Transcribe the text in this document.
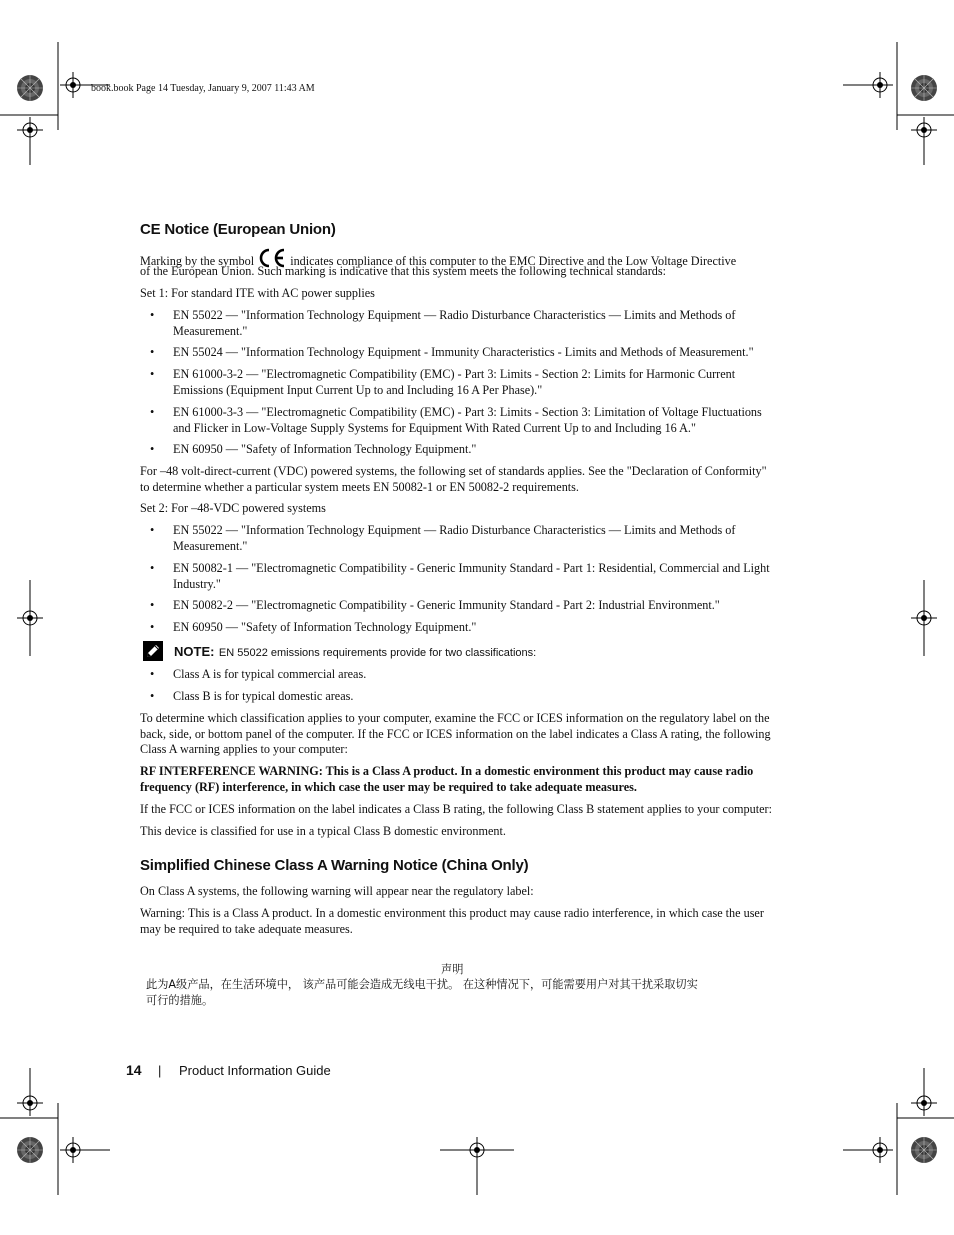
book.book Page 14 Tuesday, January 9, 2007 11:43 AM
CE Notice (European Union)
Marking by the symbol	indicates compliance of this computer to the EMC Directive and the Low Voltage Directive
of the European Union. Such marking is indicative that this system meets the following technical standards:
Set 1: For standard ITE with AC power supplies
• EN 55022 — "Information Technology Equipment — Radio Disturbance Characteristics — Limits and Methods of
Measurement."
• EN 55024 — "Information Technology Equipment - Immunity Characteristics - Limits and Methods of Measurement."
• EN 61000-3-2 — "Electromagnetic Compatibility (EMC) - Part 3: Limits - Section 2: Limits for Harmonic Current
Emissions (Equipment Input Current Up to and Including 16 A Per Phase)."
• EN 61000-3-3 — "Electromagnetic Compatibility (EMC) - Part 3: Limits - Section 3: Limitation of Voltage Fluctuations
and Flicker in Low-Voltage Supply Systems for Equipment With Rated Current Up to and Including 16 A."
• EN 60950 — "Safety of Information Technology Equipment."
For –48 volt-direct-current (VDC) powered systems, the following set of standards applies. See the "Declaration of Conformity"
to determine whether a particular system meets EN 50082-1 or EN 50082-2 requirements.
Set 2: For –48-VDC powered systems
• EN 55022 — "Information Technology Equipment — Radio Disturbance Characteristics — Limits and Methods of
Measurement."
• EN 50082-1 — "Electromagnetic Compatibility - Generic Immunity Standard - Part 1: Residential, Commercial and Light
Industry."
• EN 50082-2 — "Electromagnetic Compatibility - Generic Immunity Standard - Part 2: Industrial Environment."
• EN 60950 — "Safety of Information Technology Equipment."
NOTE: EN 55022 emissions requirements provide for two classifications:
• Class A is for typical commercial areas.
• Class B is for typical domestic areas.
To determine which classification applies to your computer, examine the FCC or ICES information on the regulatory label on the
back, side, or bottom panel of the computer. If the FCC or ICES information on the label indicates a Class A rating, the following
Class A warning applies to your computer:
RF INTERFERENCE WARNING: This is a Class A product. In a domestic environment this product may cause radio
frequency (RF) interference, in which case the user may be required to take adequate measures.
If the FCC or ICES information on the label indicates a Class B rating, the following Class B statement applies to your computer:
This device is classified for use in a typical Class B domestic environment.
Simplified Chinese Class A Warning Notice (China Only)
On Class A systems, the following warning will appear near the regulatory label:
Warning: This is a Class A product. In a domestic environment this product may cause radio interference, in which case the user
may be required to take adequate measures.
声明
此为A级产品，在生活环境中， 该产品可能会造成无线电干扰。 在这种情况下，可能需要用户对其干扰采取切实
可行的措施。
14 | Product Information Guide
